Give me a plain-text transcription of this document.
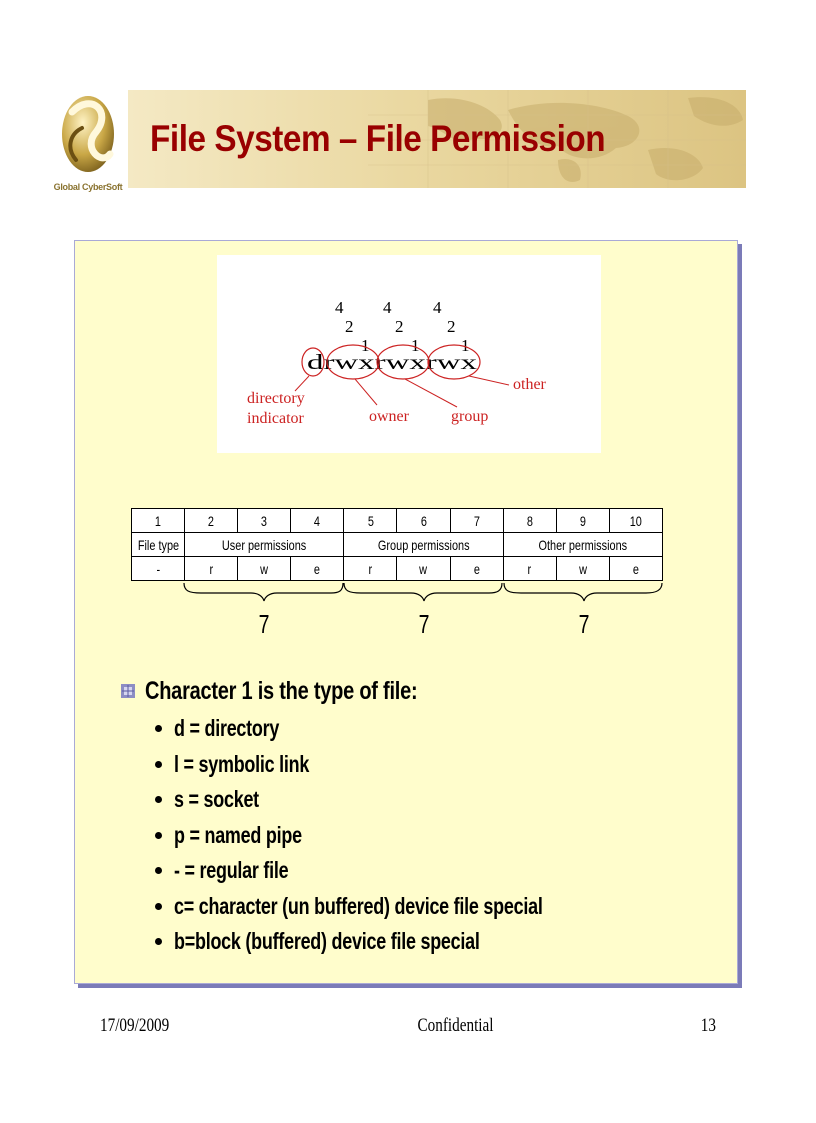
Global CyberSoft
File System – File Permission
4 4 4
2 2	2
1 1 1
drwxrwxrwx
directory
indicator	owner	group
other
1	2	3	4	5	6	7	8	9	10
File type	User permissions			Group permissions			Other permissions		
-	r	w	e	r	w	e	r	w	e
7	7	7
Character 1 is the type of file:
d = directory
l = symbolic link
s = socket
p = named pipe
- = regular file
c= character (un buffered) device file special
b=block (buffered) device file special
17/09/2009	Confidential	13
